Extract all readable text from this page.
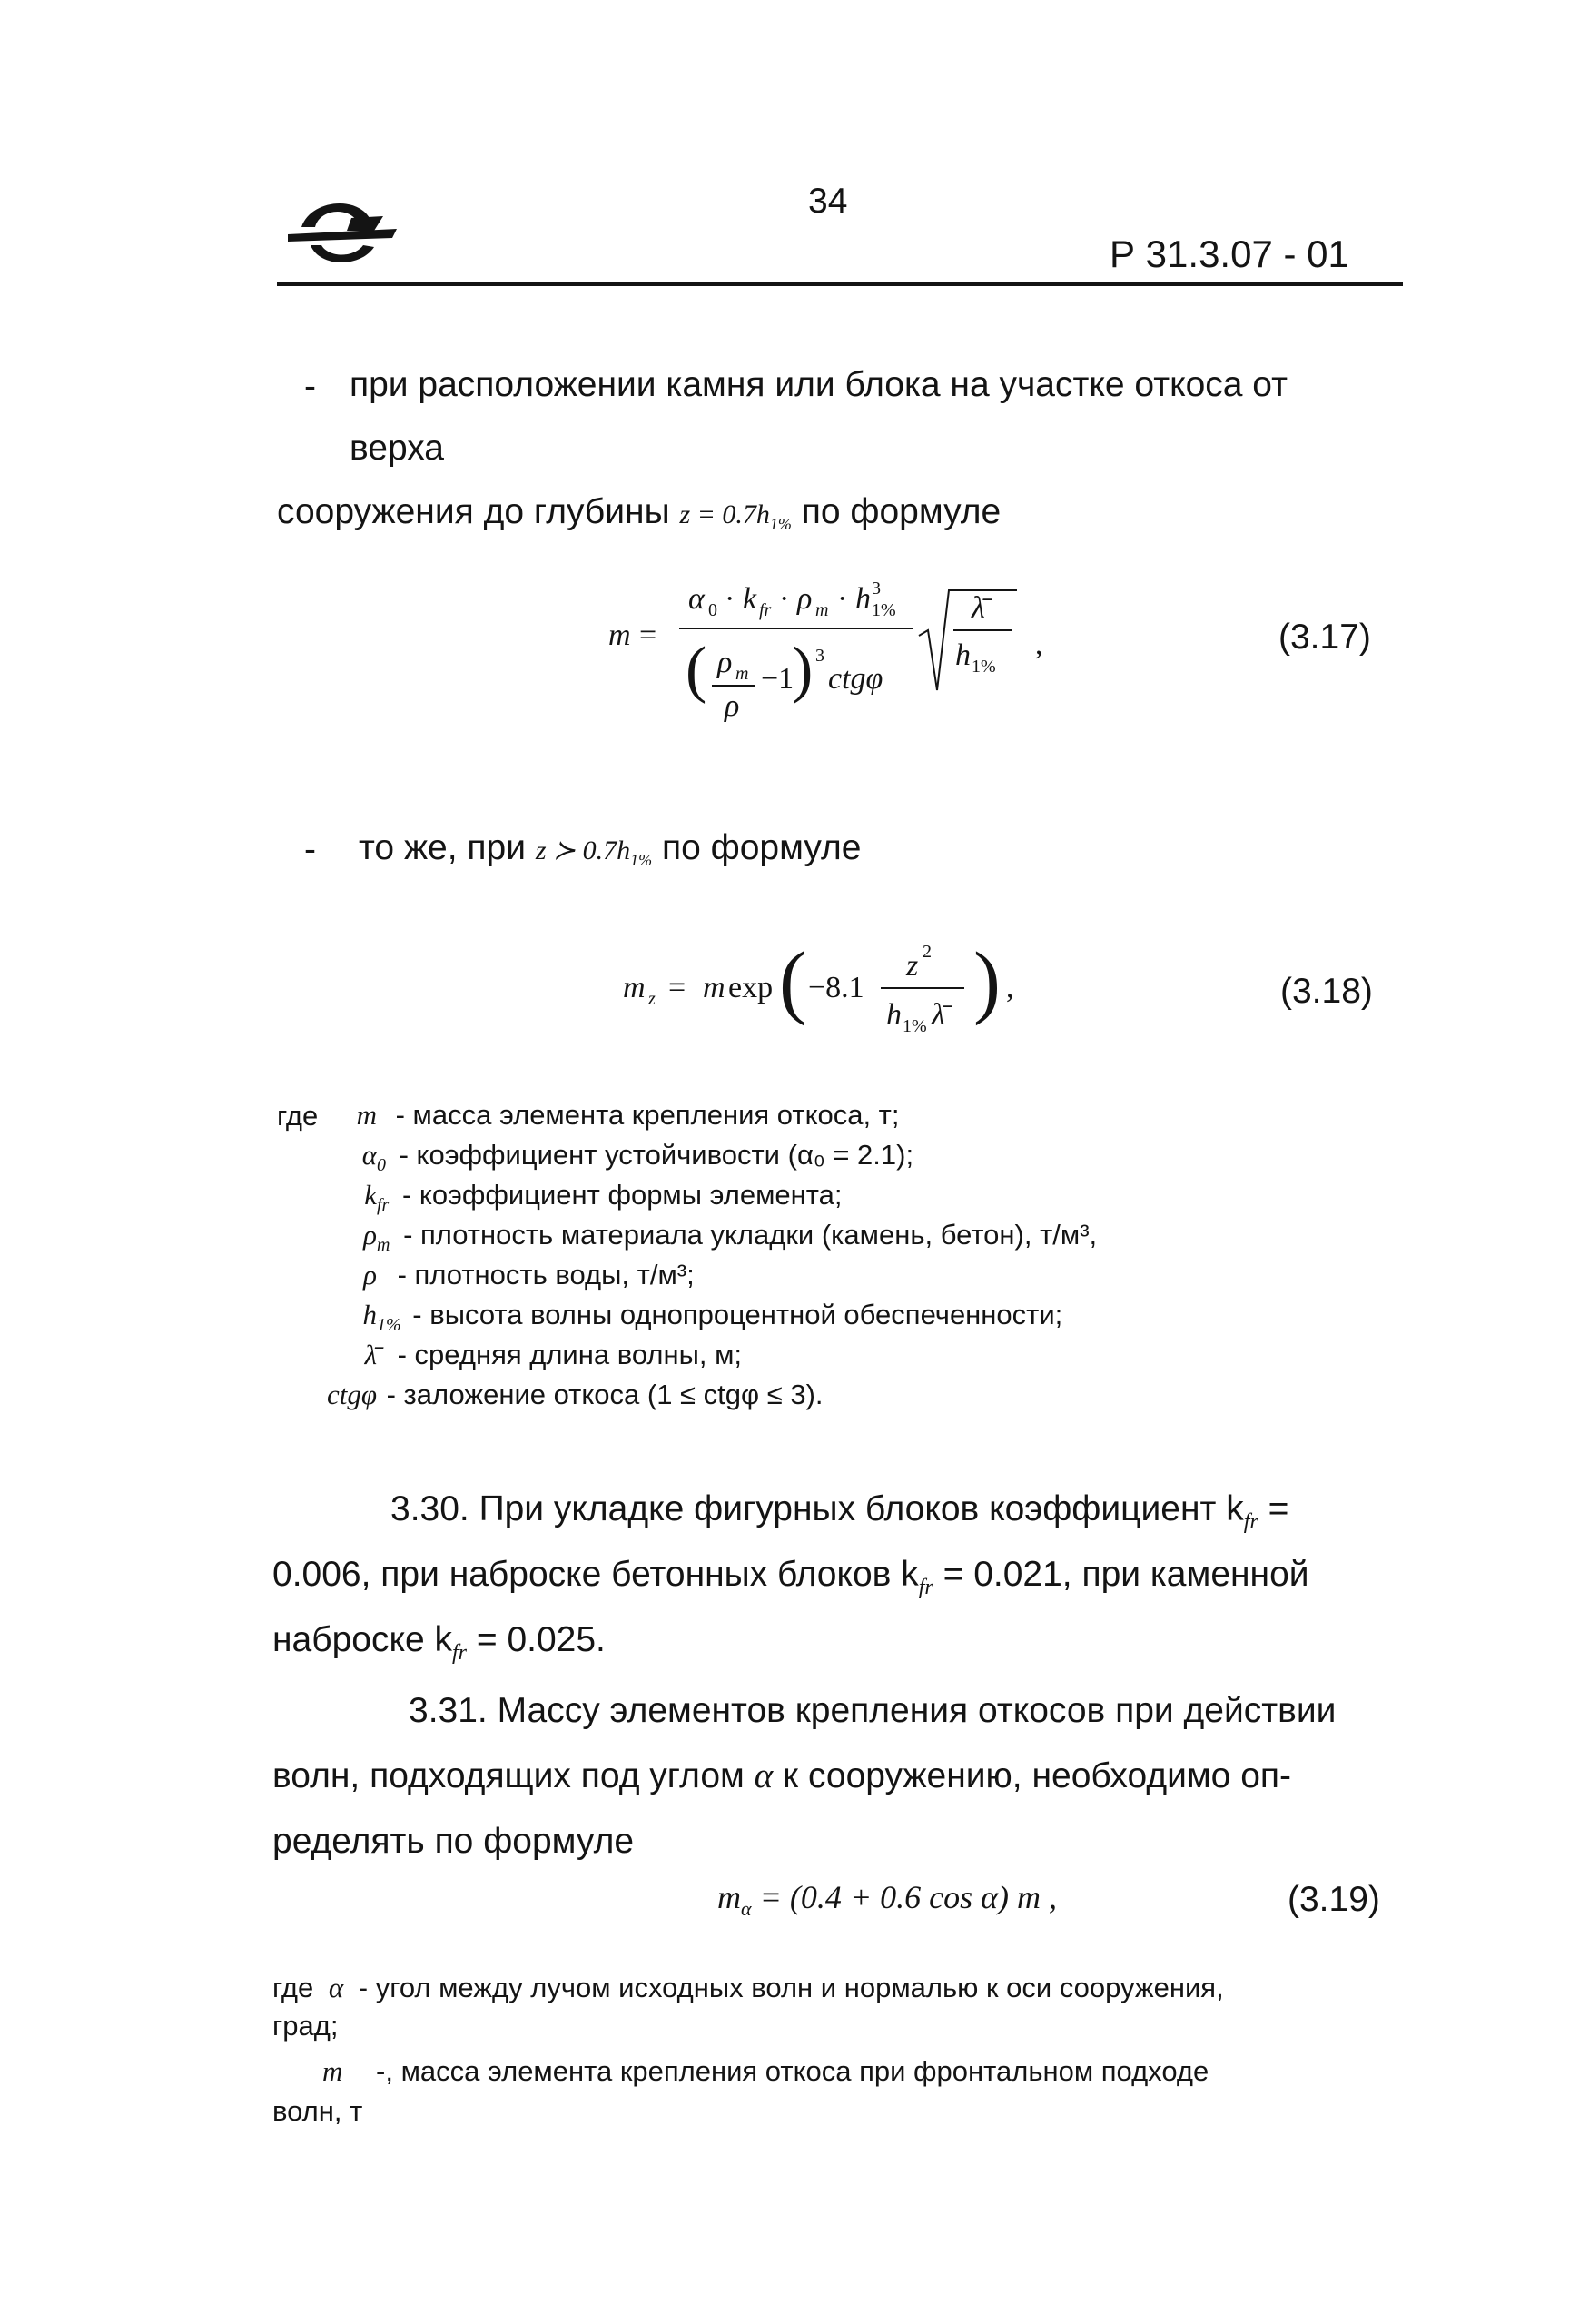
34
Р 31.3.07 - 01
- при расположении камня или блока на участке откоса от
верха
сооружения до глубины $z = 0.7h_{1\%}$ по формуле
m =
α 0 · k fr · ρ m · h 3
1%
( ρ m
ρ
−1
) 3
ctgφ
λ̄
h 1%
,	(3.17)
- то же, при z ≻ $0.7h_{1\%}$ по формуле
m z = m exp ( −8.1
z 2
h 1% λ̄ ) ,	(3.18)
где	m - масса элемента крепления откоса, т;
$\alpha_0$ - коэффициент устойчивости (α₀ = 2.1);
$k_{fr}$ - коэффициент формы элемента;
$\rho_m$ - плотность материала укладки (камень, бетон), т/м³,
ρ - плотность воды, т/м³;
$h_{1\%}$ - высота волны однопроцентной обеспеченности;
λ̄ - средняя длина волны, м;
ctgφ - заложение откоса (1 ≤ ctgφ ≤ 3).
3.30. При укладке фигурных блоков коэффициент $k_{fr}$ =
0.006, при наброске бетонных блоков $k_{fr} = 0.021$, при каменной
наброске $k_{fr} = 0.025$.
3.31. Массу элементов крепления откосов при действии
волн, подходящих под углом α к сооружению, необходимо оп-
ределять по формуле
$m_\alpha = (0.4 + 0.6$ cos α) m ,	(3.19)
где α - угол между лучом исходных волн и нормалью к оси сооружения,
град;
m -, масса элемента крепления откоса при фронтальном подходе
волн, т
